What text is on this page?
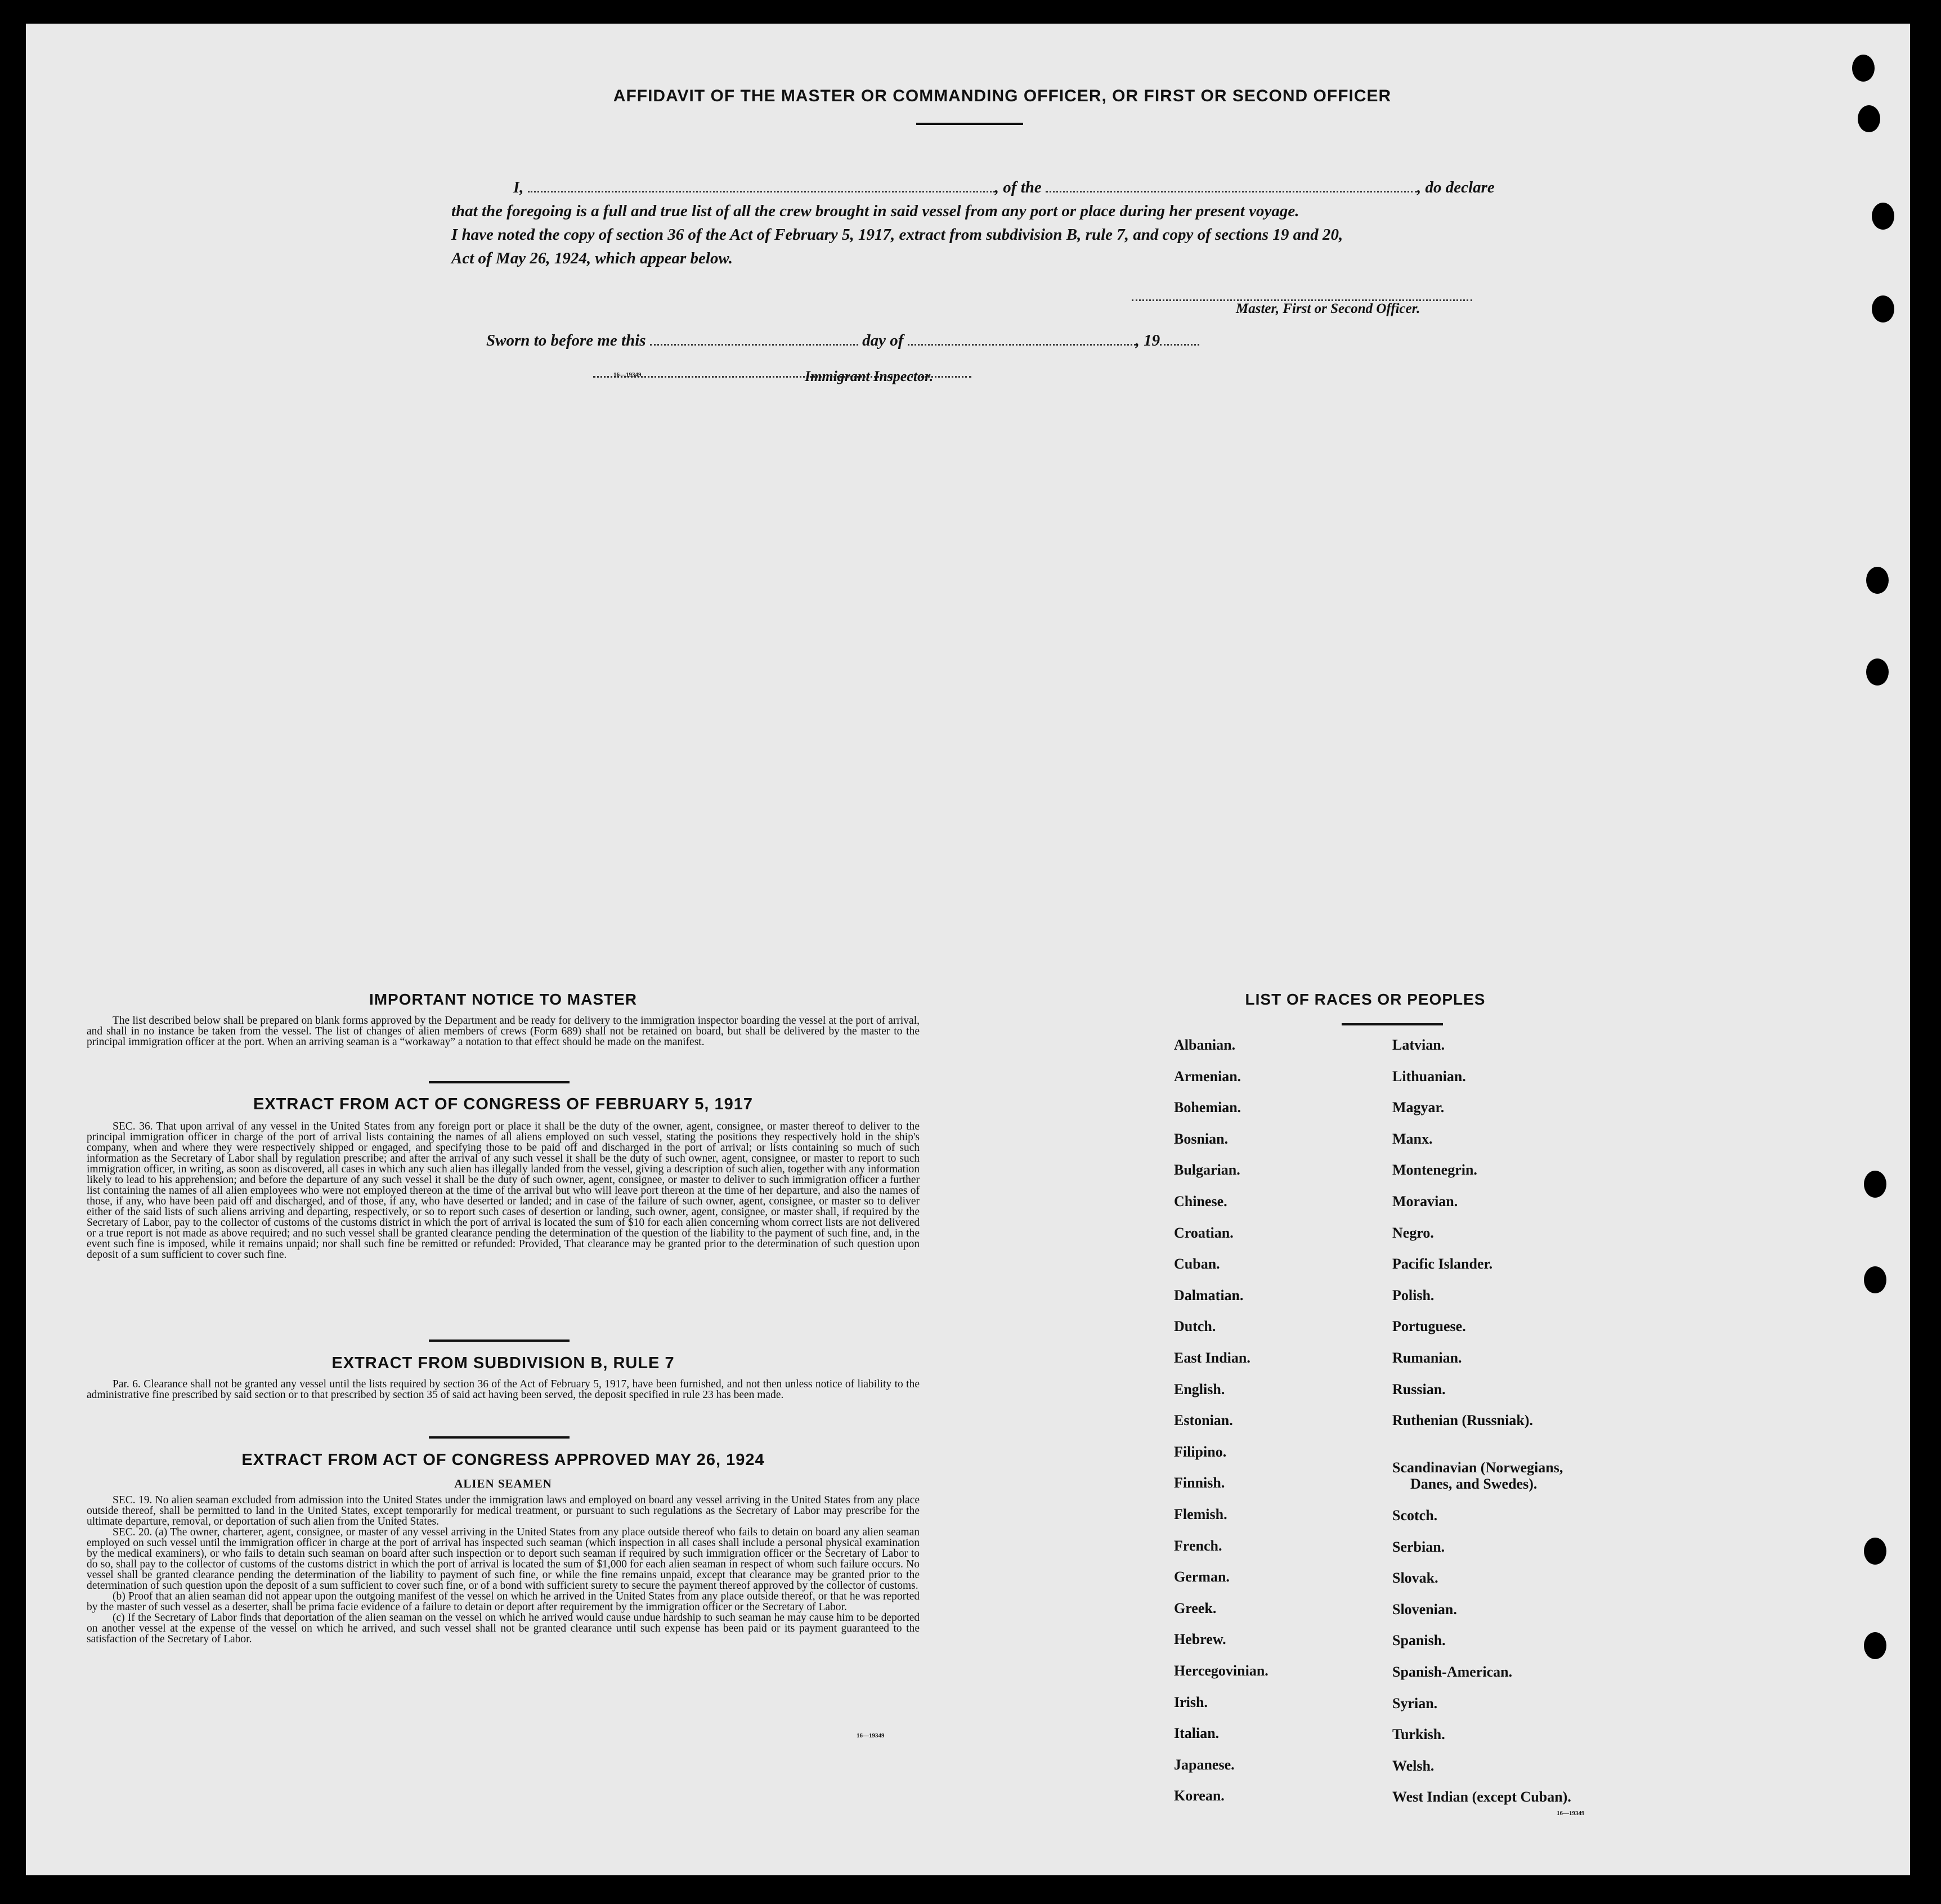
AFFIDAVIT OF THE MASTER OR COMMANDING OFFICER, OR FIRST OR SECOND OFFICER
I,	, of the	, do declare
that the foregoing is a full and true list of all the crew brought in said vessel from any port or place during her present voyage.
I have noted the copy of section 36 of the Act of February 5, 1917, extract from subdivision B, rule 7, and copy of sections 19 and 20,
Act of May 26, 1924, which appear below.
Master, First or Second Officer.
Sworn to before me this	day of	, 19
16—19349	Immigrant Inspector.
IMPORTANT NOTICE TO MASTER

The list described below shall be prepared on blank forms approved by the Department and be ready for delivery to the immigration inspector boarding the vessel at the port of arrival, and shall in no instance be taken from the vessel. The list of changes of alien members of crews (Form 689) shall not be retained on board, but shall be delivered by the master to the principal immigration officer at the port. When an arriving seaman is a “workaway” a notation to that effect should be made on the manifest.

EXTRACT FROM ACT OF CONGRESS OF FEBRUARY 5, 1917

SEC. 36. That upon arrival of any vessel in the United States from any foreign port or place it shall be the duty of the owner, agent, consignee, or master thereof to deliver to the principal immigration officer in charge of the port of arrival lists containing the names of all aliens employed on such vessel, stating the positions they respectively hold in the ship's company, when and where they were respectively shipped or engaged, and specifying those to be paid off and discharged in the port of arrival; or lists containing so much of such information as the Secretary of Labor shall by regulation prescribe; and after the arrival of any such vessel it shall be the duty of such owner, agent, consignee, or master to report to such immigration officer, in writing, as soon as discovered, all cases in which any such alien has illegally landed from the vessel, giving a description of such alien, together with any information likely to lead to his apprehension; and before the departure of any such vessel it shall be the duty of such owner, agent, consignee, or master to deliver to such immigration officer a further list containing the names of all alien employees who were not employed thereon at the time of the arrival but who will leave port thereon at the time of her departure, and also the names of those, if any, who have been paid off and discharged, and of those, if any, who have deserted or landed; and in case of the failure of such owner, agent, consignee, or master so to deliver either of the said lists of such aliens arriving and departing, respectively, or so to report such cases of desertion or landing, such owner, agent, consignee, or master shall, if required by the Secretary of Labor, pay to the collector of customs of the customs district in which the port of arrival is located the sum of $10 for each alien concerning whom correct lists are not delivered or a true report is not made as above required; and no such vessel shall be granted clearance pending the determination of the question of the liability to the payment of such fine, and, in the event such fine is imposed, while it remains unpaid; nor shall such fine be remitted or refunded: Provided, That clearance may be granted prior to the determination of such question upon deposit of a sum sufficient to cover such fine.

EXTRACT FROM SUBDIVISION B, RULE 7

Par. 6. Clearance shall not be granted any vessel until the lists required by section 36 of the Act of February 5, 1917, have been furnished, and not then unless notice of liability to the administrative fine prescribed by said section or to that prescribed by section 35 of said act having been served, the deposit specified in rule 23 has been made.

EXTRACT FROM ACT OF CONGRESS APPROVED MAY 26, 1924
ALIEN SEAMEN

SEC. 19. No alien seaman excluded from admission into the United States under the immigration laws and employed on board any vessel arriving in the United States from any place outside thereof, shall be permitted to land in the United States, except temporarily for medical treatment, or pursuant to such regulations as the Secretary of Labor may prescribe for the ultimate departure, removal, or deportation of such alien from the United States.

SEC. 20. (a) The owner, charterer, agent, consignee, or master of any vessel arriving in the United States from any place outside thereof who fails to detain on board any alien seaman employed on such vessel until the immigration officer in charge at the port of arrival has inspected such seaman (which inspection in all cases shall include a personal physical examination by the medical examiners), or who fails to detain such seaman on board after such inspection or to deport such seaman if required by such immigration officer or the Secretary of Labor to do so, shall pay to the collector of customs of the customs district in which the port of arrival is located the sum of $1,000 for each alien seaman in respect of whom such failure occurs. No vessel shall be granted clearance pending the determination of the liability to payment of such fine, or while the fine remains unpaid, except that clearance may be granted prior to the determination of such question upon the deposit of a sum sufficient to cover such fine, or of a bond with sufficient surety to secure the payment thereof approved by the collector of customs.

(b) Proof that an alien seaman did not appear upon the outgoing manifest of the vessel on which he arrived in the United States from any place outside thereof, or that he was reported by the master of such vessel as a deserter, shall be prima facie evidence of a failure to detain or deport after requirement by the immigration officer or the Secretary of Labor.

(c) If the Secretary of Labor finds that deportation of the alien seaman on the vessel on which he arrived would cause undue hardship to such seaman he may cause him to be deported on another vessel at the expense of the vessel on which he arrived, and such vessel shall not be granted clearance until such expense has been paid or its payment guaranteed to the satisfaction of the Secretary of Labor.

16—19349
LIST OF RACES OR PEOPLES
Albanian.
Armenian.
Bohemian.
Bosnian.
Bulgarian.
Chinese.
Croatian.
Cuban.
Dalmatian.
Dutch.
East Indian.
English.
Estonian.
Filipino.
Finnish.
Flemish.
French.
German.
Greek.
Hebrew.
Hercegovinian.
Irish.
Italian.
Japanese.
Korean.
Latvian.
Lithuanian.
Magyar.
Manx.
Montenegrin.
Moravian.
Negro.
Pacific Islander.
Polish.
Portuguese.
Rumanian.
Russian.
Ruthenian (Russniak).
Scandinavian (Norwegians,
Danes, and Swedes).
Scotch.
Serbian.
Slovak.
Slovenian.
Spanish.
Spanish-American.
Syrian.
Turkish.
Welsh.
West Indian (except Cuban).
16—19349
